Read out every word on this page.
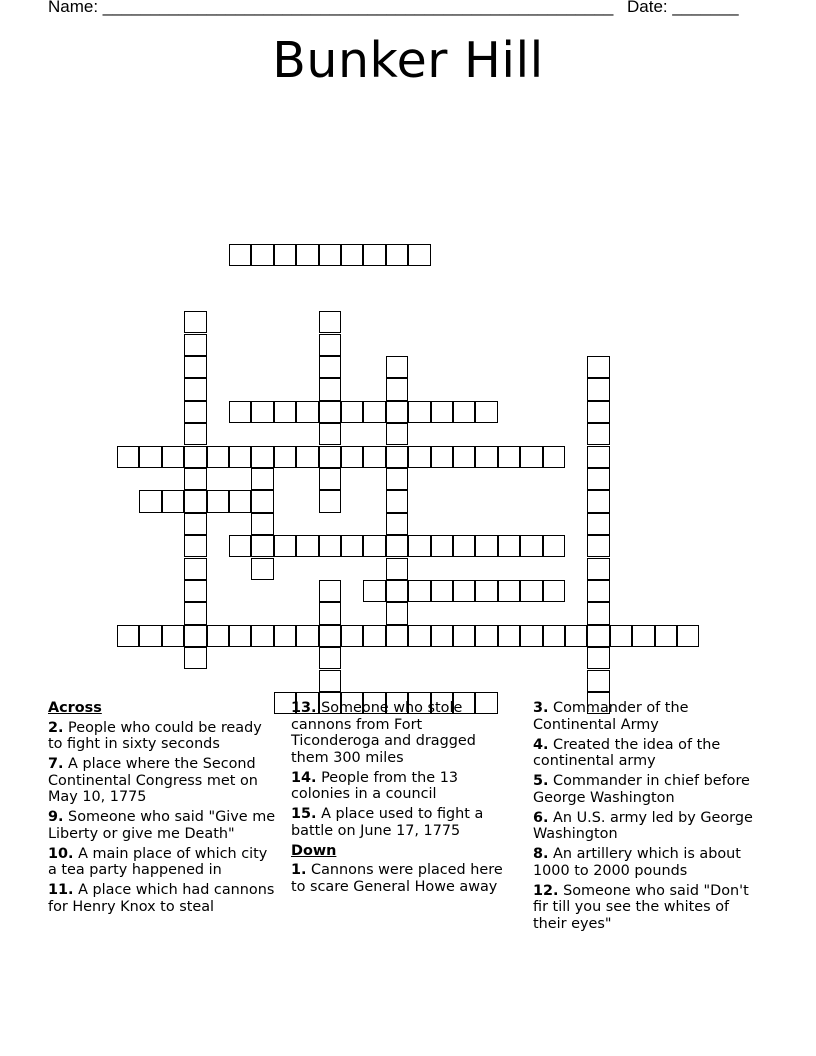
Name: ______________________________________________________ Date: _______
Bunker Hill
Across
2. People who could be ready to fight in sixty seconds
7. A place where the Second Continental Congress met on May 10, 1775
9. Someone who said "Give me Liberty or give me Death"
10. A main place of which city a tea party happened in
11. A place which had cannons for Henry Knox to steal
13. Someone who stole cannons from Fort Ticonderoga and dragged them 300 miles
14. People from the 13 colonies in a council
15. A place used to fight a battle on June 17, 1775
Down
1. Cannons were placed here to scare General Howe away
3. Commander of the Continental Army
4. Created the idea of the continental army
5. Commander in chief before George Washington
6. An U.S. army led by George Washington
8. An artillery which is about 1000 to 2000 pounds
12. Someone who said "Don't fir till you see the whites of their eyes"
